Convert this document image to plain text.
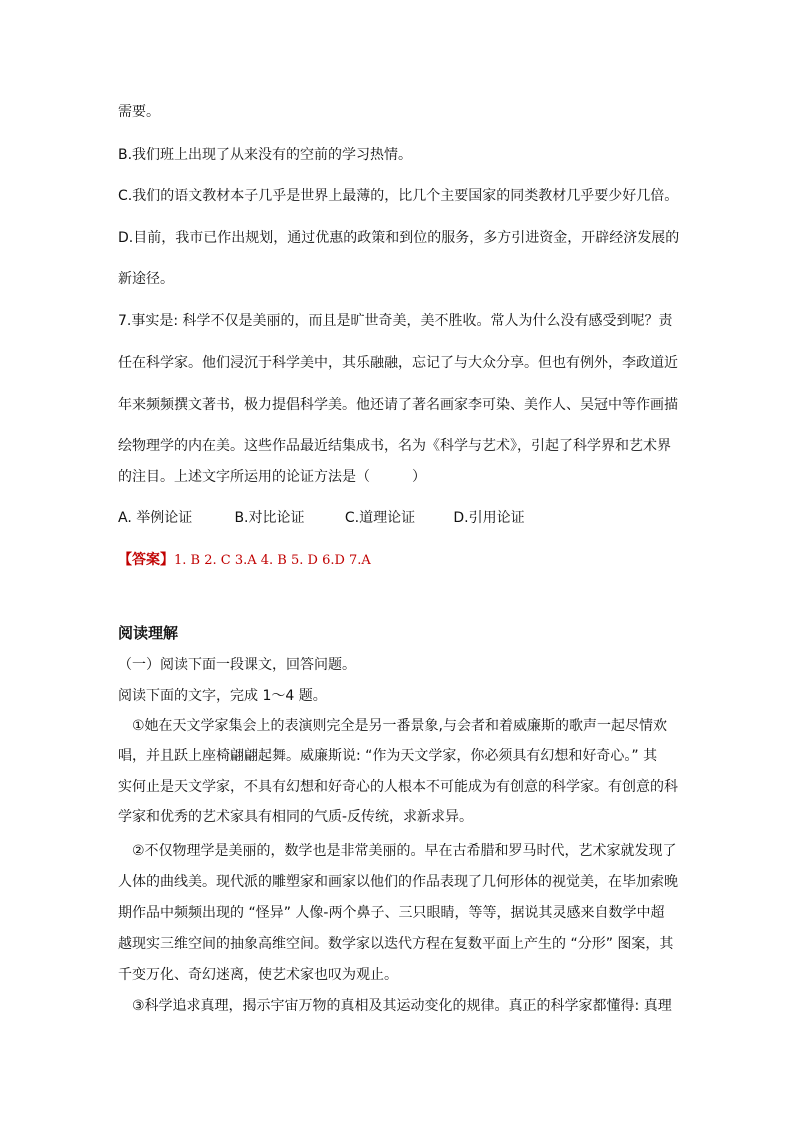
需要。
B.我们班上出现了从来没有的空前的学习热情。
C.我们的语文教材本子几乎是世界上最薄的，比几个主要国家的同类教材几乎要少好几倍。
D.目前，我市已作出规划，通过优惠的政策和到位的服务，多方引进资金，开辟经济发展的
新途径。
7.事实是: 科学不仅是美丽的，而且是旷世奇美，美不胜收。常人为什么没有感受到呢？责
任在科学家。他们浸沉于科学美中，其乐融融，忘记了与大众分享。但也有例外，李政道近
年来频频撰文著书，极力提倡科学美。他还请了著名画家李可染、美作人、吴冠中等作画描
绘物理学的内在美。这些作品最近结集成书，名为《科学与艺术》，引起了科学界和艺术界
的注目。上述文字所运用的论证方法是（　　　）
A. 举例论证	B.对比论证	C.道理论证	D.引用论证
【答案】1. B 2. C 3.A 4. B 5. D 6.D 7.A
阅读理解
（一）阅读下面一段课文，回答问题。
阅读下面的文字，完成 1～4 题。
①她在天文学家集会上的表演则完全是另一番景象,与会者和着威廉斯的歌声一起尽情欢
唱，并且跃上座椅翩翩起舞。威廉斯说: “作为天文学家，你必须具有幻想和好奇心。” 其
实何止是天文学家，不具有幻想和好奇心的人根本不可能成为有创意的科学家。有创意的科
学家和优秀的艺术家具有相同的气质-反传统，求新求异。
②不仅物理学是美丽的，数学也是非常美丽的。早在古希腊和罗马时代，艺术家就发现了
人体的曲线美。现代派的雕塑家和画家以他们的作品表现了几何形体的视觉美，在毕加索晚
期作品中频频出现的 “怪异” 人像-两个鼻子、三只眼睛，等等，据说其灵感来自数学中超
越现实三维空间的抽象高维空间。数学家以迭代方程在复数平面上产生的 “分形” 图案，其
千变万化、奇幻迷离，使艺术家也叹为观止。
③科学追求真理，揭示宇宙万物的真相及其运动变化的规律。真正的科学家都懂得: 真理
